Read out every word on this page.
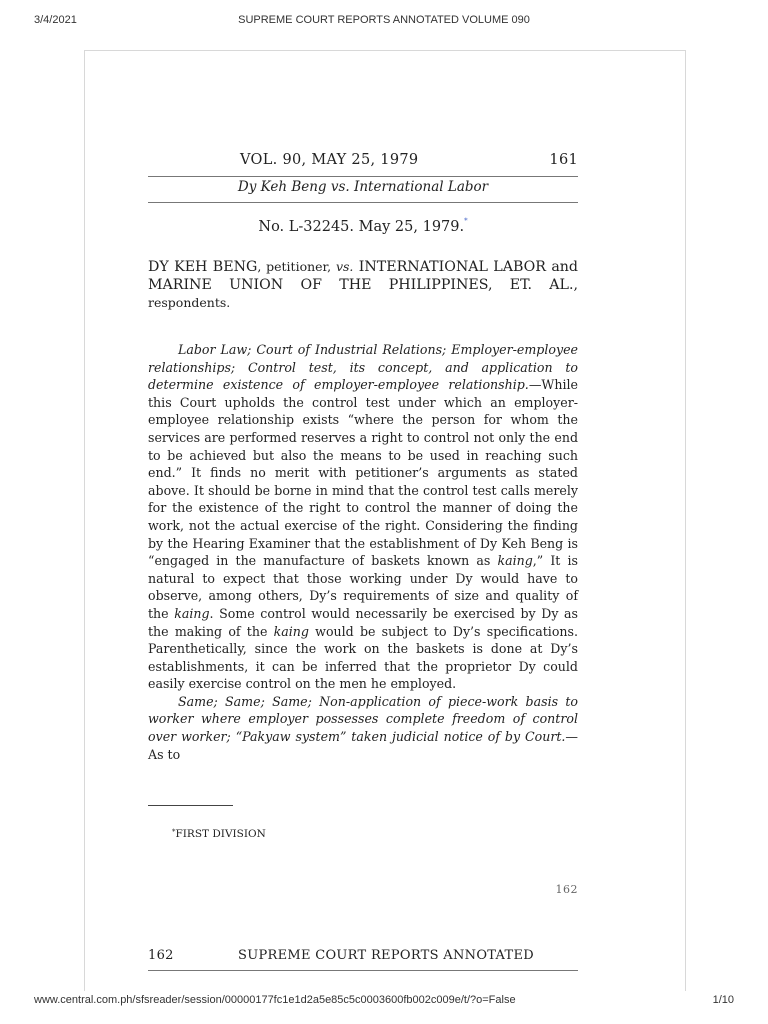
3/4/2021	SUPREME COURT REPORTS ANNOTATED VOLUME 090
VOL. 90, MAY 25, 1979	161
Dy Keh Beng vs. International Labor
No. L-32245. May 25, 1979.*
DY KEH BENG, petitioner, vs. INTERNATIONAL LABOR and MARINE UNION OF THE PHILIPPINES, ET. AL., respondents.

Labor Law; Court of Industrial Relations; Employer-employee relationships; Control test, its concept, and application to determine existence of employer-employee relationship.—While this Court upholds the control test under which an employer-employee relationship exists “where the person for whom the services are performed reserves a right to control not only the end to be achieved but also the means to be used in reaching such end.” It finds no merit with petitioner’s arguments as stated above. It should be borne in mind that the control test calls merely for the existence of the right to control the manner of doing the work, not the actual exercise of the right. Considering the finding by the Hearing Examiner that the establishment of Dy Keh Beng is “engaged in the manufacture of baskets known as kaing,” It is natural to expect that those working under Dy would have to observe, among others, Dy’s requirements of size and quality of the kaing. Some control would necessarily be exercised by Dy as the making of the kaing would be subject to Dy’s specifications. Parenthetically, since the work on the baskets is done at Dy’s establishments, it can be inferred that the proprietor Dy could easily exercise control on the men he employed.

Same; Same; Same; Non-application of piece-work basis to worker where employer possesses complete freedom of control over worker; “Pakyaw system” taken judicial notice of by Court.—As to

*FIRST DIVISION
162
162	SUPREME COURT REPORTS ANNOTATED
www.central.com.ph/sfsreader/session/00000177fc1e1d2a5e85c5c0003600fb002c009e/t/?o=False	1/10
